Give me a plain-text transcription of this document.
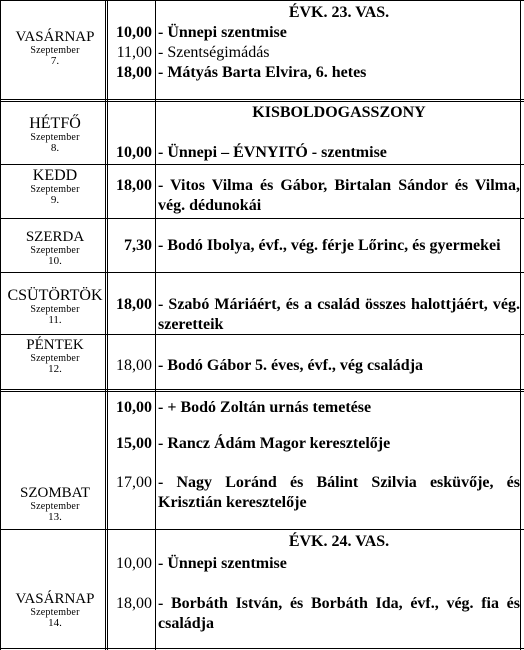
VASÁRNAP
Szeptember
7.
ÉVK. 23. VAS.
10,00 - Ünnepi szentmise
11,00 - Szentségimádás
18,00 - Mátyás Barta Elvira, 6. hetes
HÉTFŐ
Szeptember
8.
KISBOLDOGASSZONY
10,00 - Ünnepi – ÉVNYITÓ - szentmise
KEDD
Szeptember
9.
18,00 - Vitos Vilma és Gábor, Birtalan Sándor és Vilma, vég. dédunokái
SZERDA
Szeptember
10.
7,30 - Bodó Ibolya, évf., vég. férje Lőrinc, és gyermekei
CSÜTÖRTÖK
Szeptember
11.
18,00 - Szabó Máriáért, és a család összes halottjáért, vég. szeretteik
PÉNTEK
Szeptember
12.	18,00 - Bodó Gábor 5. éves, évf., vég családja
SZOMBAT
Szeptember
13.
10,00 - + Bodó Zoltán urnás temetése
15,00 - Rancz Ádám Magor keresztelője
17,00 - Nagy Loránd és Bálint Szilvia esküvője, és Krisztián keresztelője
VASÁRNAP
Szeptember
14.
ÉVK. 24. VAS.
10,00 - Ünnepi szentmise
18,00 - Borbáth István, és Borbáth Ida, évf., vég. fia és családja
